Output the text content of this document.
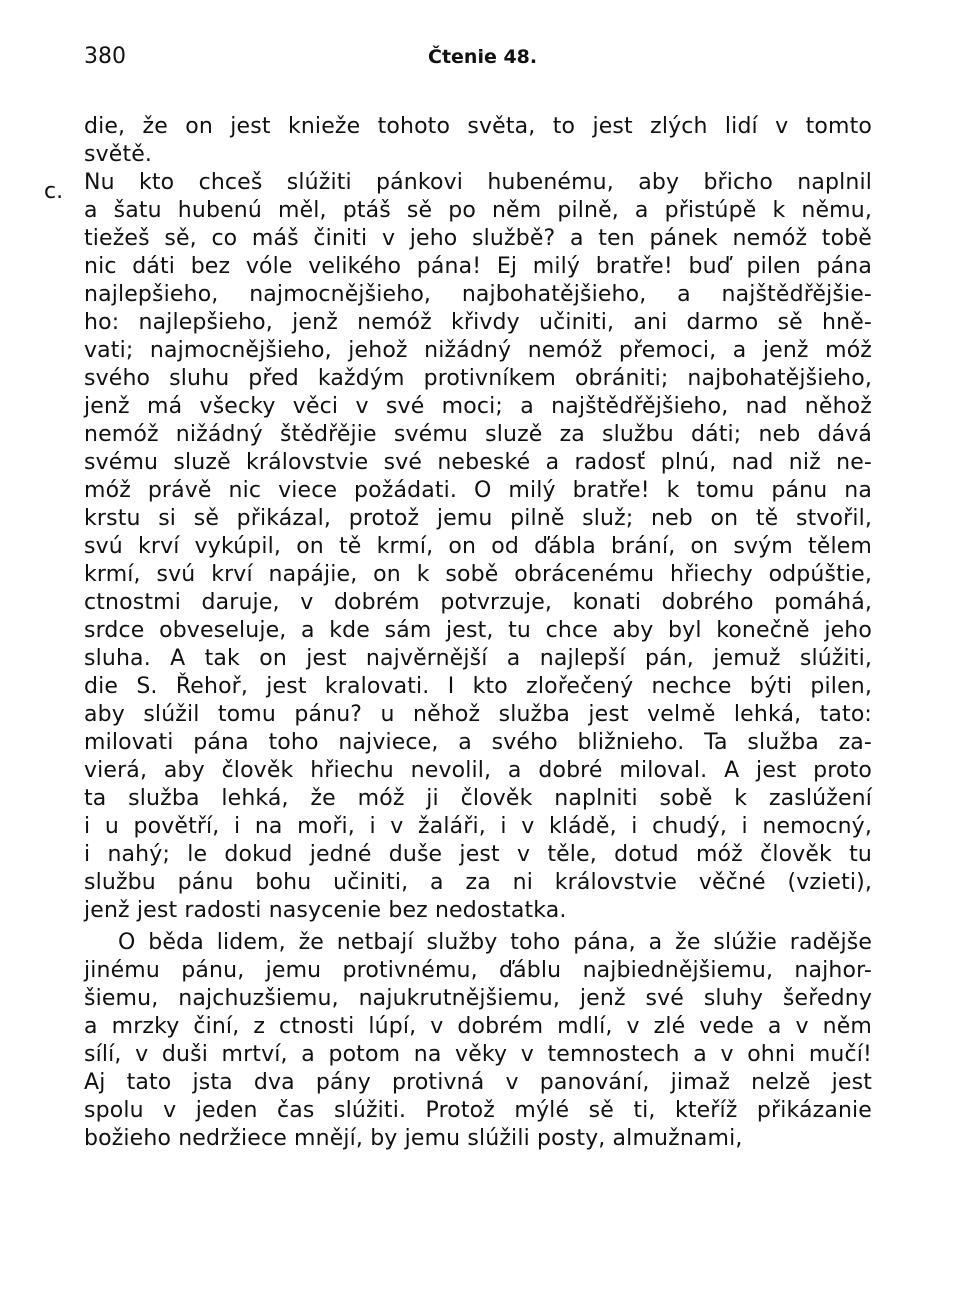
380	Čtenie 48.
c.
die, že on jest knieže tohoto světa, to jest zlých lidí v tomto
světě.
Nu kto chceš slúžiti pánkovi hubenému, aby břicho naplnil
a šatu hubenú měl, ptáš sě po něm pilně, a přistúpě k němu,
tiežeš sě, co máš činiti v jeho službě? a ten pánek nemóž tobě
nic dáti bez vóle velikého pána! Ej milý bratře! buď pilen pána
najlepšieho, najmocnějšieho, najbohatějšieho, a najštědřějšie-
ho: najlepšieho, jenž nemóž křivdy učiniti, ani darmo sě hně-
vati; najmocnějšieho, jehož nižádný nemóž přemoci, a jenž móž
svého sluhu před každým protivníkem obrániti; najbohatějšieho,
jenž má všecky věci v své moci; a najštědřějšieho, nad něhož
nemóž nižádný štědřějie svému sluzě za službu dáti; neb dává
svému sluzě královstvie své nebeské a radosť plnú, nad niž ne-
móž právě nic viece požádati. O milý bratře! k tomu pánu na
krstu si sě přikázal, protož jemu pilně služ; neb on tě stvořil,
svú krví vykúpil, on tě krmí, on od ďábla brání, on svým tělem
krmí, svú krví napájie, on k sobě obrácenému hřiechy odpúštie,
ctnostmi daruje, v dobrém potvrzuje, konati dobrého pomáhá,
srdce obveseluje, a kde sám jest, tu chce aby byl konečně jeho
sluha. A tak on jest najvěrnější a najlepší pán, jemuž slúžiti,
die S. Řehoř, jest kralovati. I kto zlořečený nechce býti pilen,
aby slúžil tomu pánu? u něhož služba jest velmě lehká, tato:
milovati pána toho najviece, a svého bližnieho. Ta služba za-
vierá, aby člověk hřiechu nevolil, a dobré miloval. A jest proto
ta služba lehká, že móž ji člověk naplniti sobě k zaslúžení
i u povětří, i na moři, i v žaláři, i v kládě, i chudý, i nemocný,
i nahý; le dokud jedné duše jest v těle, dotud móž člověk tu
službu pánu bohu učiniti, a za ni královstvie věčné (vzieti),
jenž jest radosti nasycenie bez nedostatka.
O běda lidem, že netbají služby toho pána, a že slúžie radějše
jinému pánu, jemu protivnému, ďáblu najbiednějšiemu, najhor-
šiemu, najchuzšiemu, najukrutnějšiemu, jenž své sluhy šeředny
a mrzky činí, z ctnosti lúpí, v dobrém mdlí, v zlé vede a v něm
sílí, v duši mrtví, a potom na věky v temnostech a v ohni mučí!
Aj tato jsta dva pány protivná v panování, jimaž nelzě jest
spolu v jeden čas slúžiti. Protož mýlé sě ti, kteříž přikázanie
božieho nedržiece mnějí, by jemu slúžili posty, almužnami,
